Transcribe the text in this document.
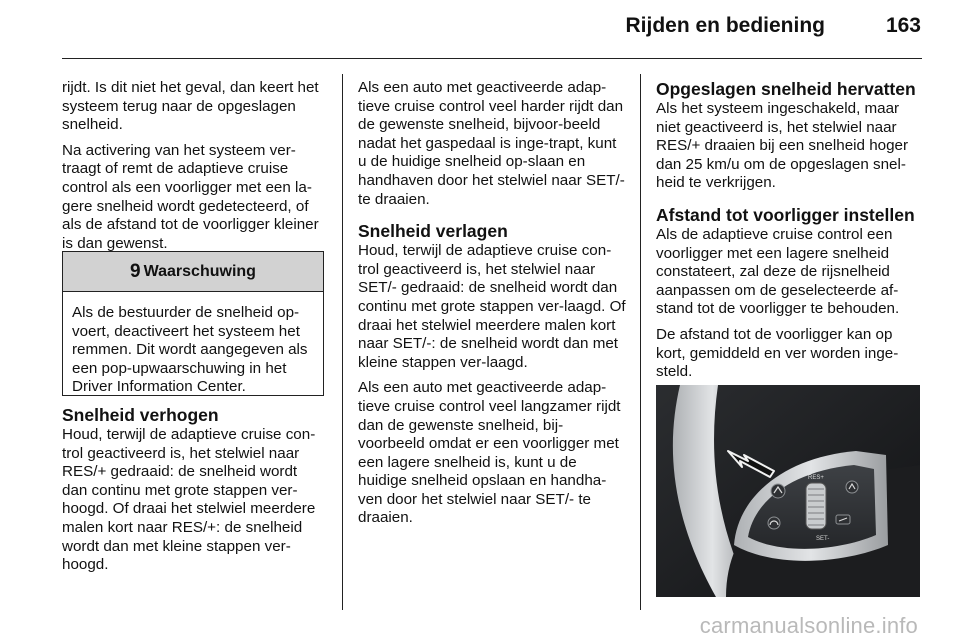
Rijden en bediening	163

rijdt. Is dit niet het geval, dan keert het systeem terug naar de opgeslagen snelheid.

Na activering van het systeem ver-traagt of remt de adaptieve cruise control als een voorligger met een la-gere snelheid wordt gedetecteerd, of als de afstand tot de voorligger kleiner is dan gewenst.

9 Waarschuwing
Als de bestuurder de snelheid op-voert, deactiveert het systeem het remmen. Dit wordt aangegeven als een pop-upwaarschuwing in het Driver Information Center.
Snelheid verhogen

Houd, terwijl de adaptieve cruise con-trol geactiveerd is, het stelwiel naar RES/+ gedraaid: de snelheid wordt dan continu met grote stappen ver-hoogd. Of draai het stelwiel meerdere malen kort naar RES/+: de snelheid wordt dan met kleine stappen ver-hoogd.

Als een auto met geactiveerde adap-tieve cruise control veel harder rijdt dan de gewenste snelheid, bijvoor-beeld nadat het gaspedaal is inge-trapt, kunt u de huidige snelheid op-slaan en handhaven door het stelwiel naar SET/- te draaien.

Snelheid verlagen

Houd, terwijl de adaptieve cruise con-trol geactiveerd is, het stelwiel naar SET/- gedraaid: de snelheid wordt dan continu met grote stappen ver-laagd. Of draai het stelwiel meerdere malen kort naar SET/-: de snelheid wordt dan met kleine stappen ver-laagd.

Als een auto met geactiveerde adap-tieve cruise control veel langzamer rijdt dan de gewenste snelheid, bij-voorbeeld omdat er een voorligger met een lagere snelheid is, kunt u de huidige snelheid opslaan en handha-ven door het stelwiel naar SET/- te draaien.

Opgeslagen snelheid hervatten

Als het systeem ingeschakeld, maar niet geactiveerd is, het stelwiel naar RES/+ draaien bij een snelheid hoger dan 25 km/u om de opgeslagen snel-heid te verkrijgen.

Afstand tot voorligger instellen

Als de adaptieve cruise control een voorligger met een lagere snelheid constateert, zal deze de rijsnelheid aanpassen om de geselecteerde af-stand tot de voorligger te behouden.

De afstand tot de voorligger kan op kort, gemiddeld en ver worden inge-steld.

RES+
SET-
carmanualsonline.info
